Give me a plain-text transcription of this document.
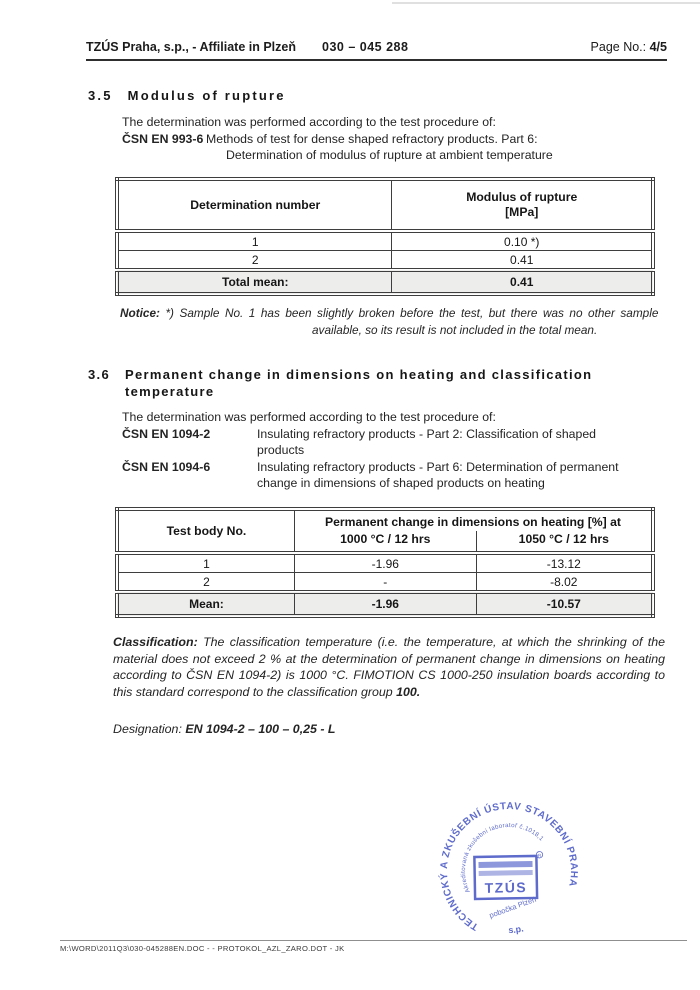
TZÚS Praha, s.p., - Affiliate in Plzeň 030 – 045 288	Page No.: 4/5
3.5 Modulus of rupture
The determination was performed according to the test procedure of:
ČSN EN 993-6 Methods of test for dense shaped refractory products. Part 6:
Determination of modulus of rupture at ambient temperature
Determination number	Modulus of rupture
[MPa]

1	0.10 *)
2	0.41
Total mean:	0.41
Notice: *) Sample No. 1 has been slightly broken before the test, but there was no other sample
available, so its result is not included in the total mean.
3.6 Permanent change in dimensions on heating and classification
temperature
The determination was performed according to the test procedure of:
ČSN EN 1094-2	Insulating refractory products - Part 2: Classification of shaped
products
ČSN EN 1094-6	Insulating refractory products - Part 6: Determination of permanent
change in dimensions of shaped products on heating
Test body No.	Permanent change in dimensions on heating [%] at	
	1000 °C / 12 hrs	1050 °C / 12 hrs
1	-1.96	-13.12
2	-	-8.02
Mean:	-1.96	-10.57
Classification: The classification temperature (i.e. the temperature, at which the shrinking of the material does not exceed 2 % at the determination of permanent change in dimensions on heating according to ČSN EN 1094-2) is 1000 °C. FIMOTION CS 1000-250 insulation boards according to this standard correspond to the classification group 100.
Designation: EN 1094-2 – 100 – 0,25 - L
TECHNICKÝ A ZKUŠEBNÍ ÚSTAV STAVEBNÍ PRAHA
s.p.
Akreditovaná zkušební laboratoř č.1018,1
pobočka Plzeň
TZÚS
R
M:\WORD\2011Q3\030-045288EN.DOC - - PROTOKOL_AZL_ZARO.DOT - JK
